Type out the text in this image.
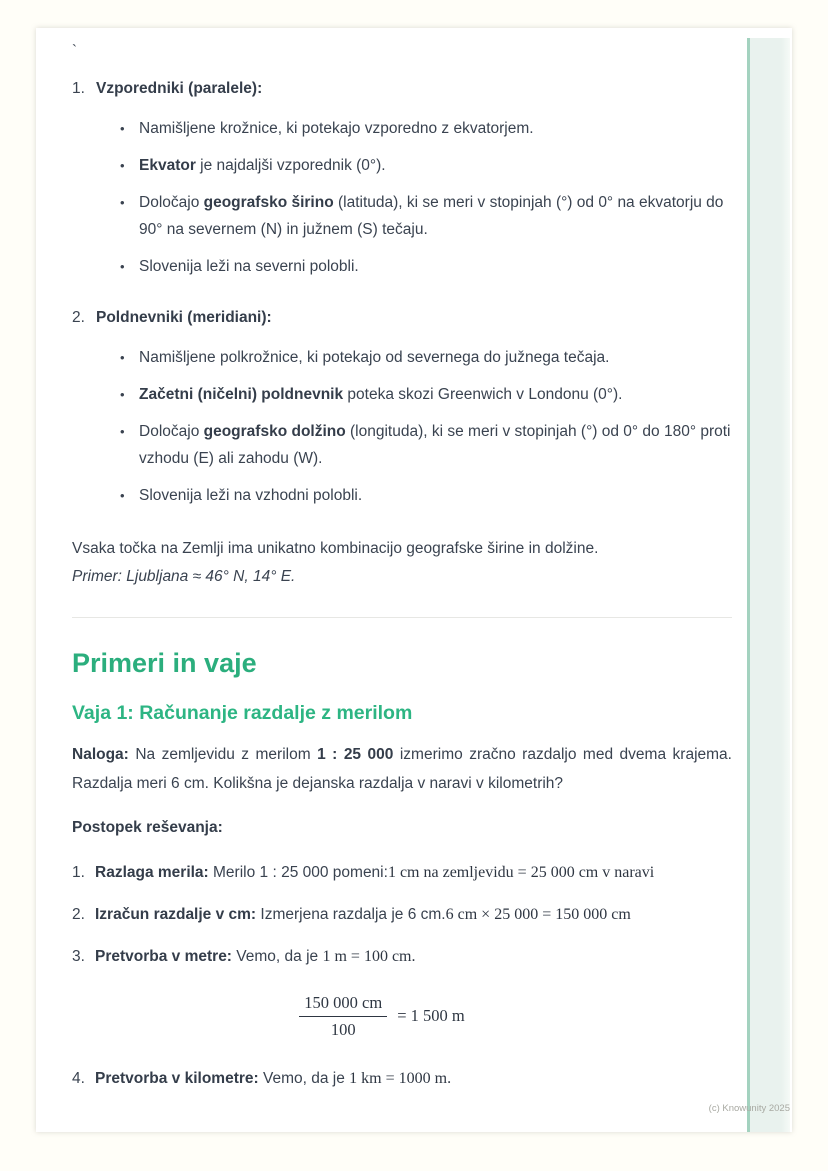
(c) Knowunity 2025
`
1. Vzporedniki (paralele):
• Namišljene krožnice, ki potekajo vzporedno z ekvatorjem.
• Ekvator je najdaljši vzporednik (0°).
• Določajo geografsko širino (latituda), ki se meri v stopinjah (°) od 0° na ekvatorju do 90° na severnem (N) in južnem (S) tečaju.
• Slovenija leži na severni polobli.
2. Poldnevniki (meridiani):
• Namišljene polkrožnice, ki potekajo od severnega do južnega tečaja.
• Začetni (ničelni) poldnevnik poteka skozi Greenwich v Londonu (0°).
• Določajo geografsko dolžino (longituda), ki se meri v stopinjah (°) od 0° do 180° proti vzhodu (E) ali zahodu (W).
• Slovenija leži na vzhodni polobli.

Vsaka točka na Zemlji ima unikatno kombinacijo geografske širine in dolžine.

Primer: Ljubljana ≈ 46° N, 14° E.

Primeri in vaje
Vaja 1: Računanje razdalje z merilom

Naloga: Na zemljevidu z merilom 1 : 25 000 izmerimo zračno razdaljo med dvema krajema. Razdalja meri 6 cm. Kolikšna je dejanska razdalja v naravi v kilometrih?

Postopek reševanja:

1. Razlaga merila: Merilo 1 : 25 000 pomeni:1 cm na zemljevidu = 25 000 cm v naravi
2. Izračun razdalje v cm: Izmerjena razdalja je 6 cm.6 cm × 25 000 = 150 000 cm
3. Pretvorba v metre: Vemo, da je 1 m = 100 cm.
$\frac{150 000 cm}{100} = 1$ 500 m
4. Pretvorba v kilometre: Vemo, da je 1 km = 1000 m.
